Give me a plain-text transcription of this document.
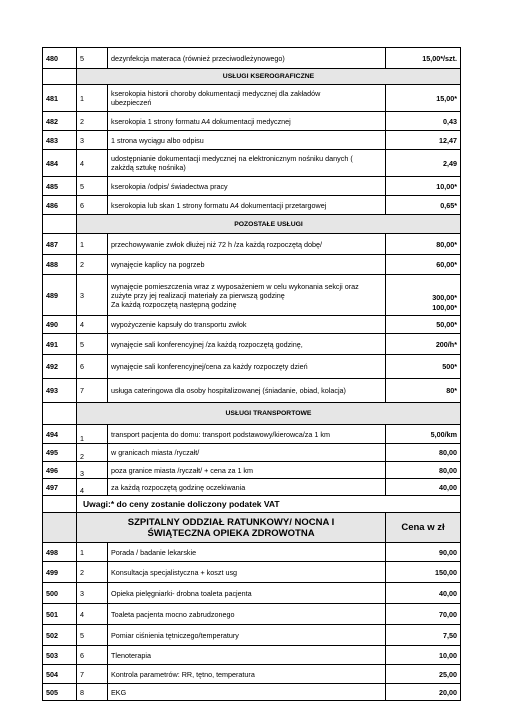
480	5	dezynfekcja materaca (również przeciwodleżynowego)	15,00*/szt.
	USŁUGI KSEROGRAFICZNE		
481	1	kserokopia historii choroby dokumentacji medycznej dla zakładów
ubezpieczeń	15,00*
482	2	kserokopia 1 strony formatu A4 dokumentacji medycznej	0,43
483	3	1 strona wyciągu albo odpisu	12,47
484	4	udostępnianie dokumentacji medycznej na elektronicznym nośniku danych (
zakżdą sztukę nośnika)	2,49
485	5	kserokopia /odpis/ świadectwa pracy	10,00*
486	6	kserokopia lub skan 1 strony formatu A4 dokumentacji przetargowej	0,65*
	POZOSTAŁE USŁUGI		
487	1	przechowywanie zwłok dłużej niż 72 h /za każdą rozpoczętą dobę/	80,00*
488	2	wynajęcie kaplicy na pogrzeb	60,00*
489	3	wynajęcie pomieszczenia wraz z wyposażeniem w celu wykonania sekcji oraz
zużyte przy jej realizacji materiały za pierwszą godzinę
Za każdą rozpoczętą następną godzinę	300,00*
100,00*

490	4	wypożyczenie kapsuły do transportu zwłok	50,00*
491	5	wynajęcie sali konferencyjnej /za każdą rozpoczętą godzinę,	200/h*
492	6	wynajęcie sali konferencyjnej/cena za każdy rozpoczęty dzień	500*
493	7	usługa cateringowa dla osoby hospitalizowanej (śniadanie, obiad, kolacja)	80*
	USŁUGI TRANSPORTOWE		
494	1	transport pacjenta do domu: transport podstawowy/kierowca/za 1 km	5,00/km
495	2	w granicach miasta /ryczałt/	80,00
496	3	poza granice miasta /ryczałt/ + cena za 1 km	80,00
497	4	za każdą rozpoczętą godzinę oczekiwania	40,00
	Uwagi:* do ceny zostanie doliczony podatek VAT		

	SZPITALNY ODDZIAŁ RATUNKOWY/ NOCNA I
ŚWIĄTECZNA OPIEKA ZDROWOTNA		Cena w zł
498	1	Porada / badanie lekarskie	90,00
499	2	Konsultacja specjalistyczna + koszt usg	150,00
500	3	Opieka pielęgniarki- drobna toaleta pacjenta	40,00
501	4	Toaleta pacjenta mocno zabrudzonego	70,00
502	5	Pomiar ciśnienia tętniczego/temperatury	7,50
503	6	Tlenoterapia	10,00
504	7	Kontrola parametrów: RR, tętno, temperatura	25,00
505	8	EKG	20,00
